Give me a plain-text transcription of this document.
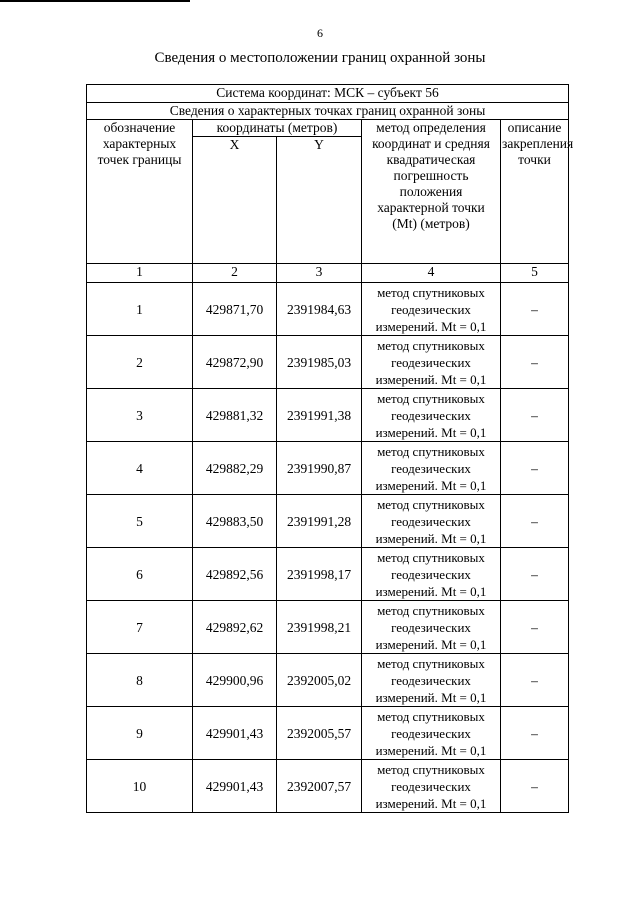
6
Сведения о местоположении границ охранной зоны
Система координат: МСК – субъект 56				
Сведения о характерных точках границ охранной зоны				
обозначение характерных точек границы	координаты (метров)		метод определения координат и средняя квадратическая погрешность положения характерной точки (Мt) (метров)	описание закрепления точки
	X	Y		
1	2	3	4	5
1	429871,70	2391984,63	метод спутниковых геодезических измерений. Мt = 0,1	–
2	429872,90	2391985,03	метод спутниковых геодезических измерений. Мt = 0,1	–
3	429881,32	2391991,38	метод спутниковых геодезических измерений. Мt = 0,1	–
4	429882,29	2391990,87	метод спутниковых геодезических измерений. Мt = 0,1	–
5	429883,50	2391991,28	метод спутниковых геодезических измерений. Мt = 0,1	–
6	429892,56	2391998,17	метод спутниковых геодезических измерений. Мt = 0,1	–
7	429892,62	2391998,21	метод спутниковых геодезических измерений. Мt = 0,1	–
8	429900,96	2392005,02	метод спутниковых геодезических измерений. Мt = 0,1	–
9	429901,43	2392005,57	метод спутниковых геодезических измерений. Мt = 0,1	–
10	429901,43	2392007,57	метод спутниковых геодезических измерений. Мt = 0,1	–
